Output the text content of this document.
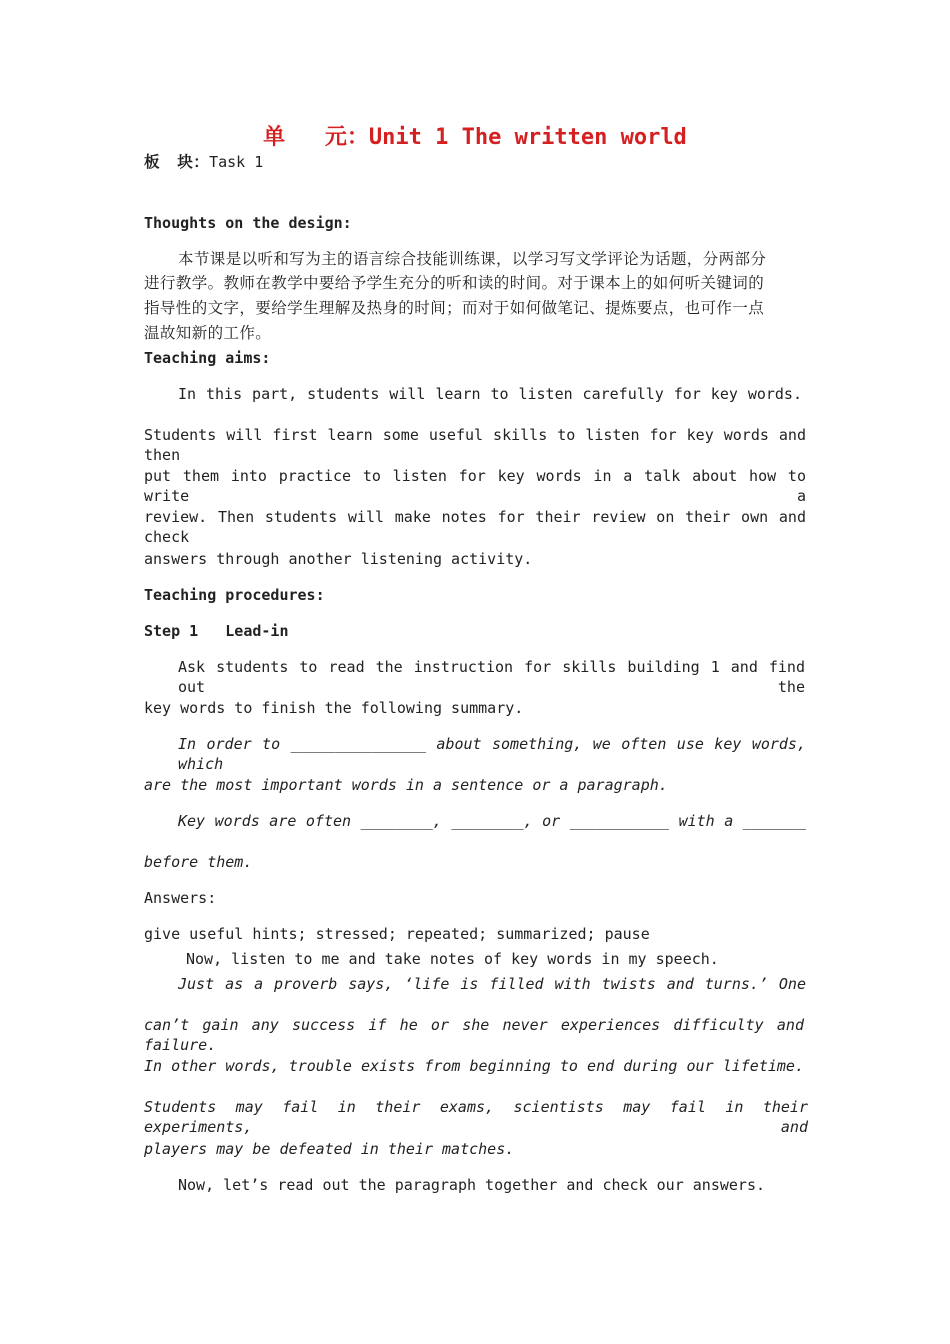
单   元：Unit 1 The written world
板   块：Task 1
Thoughts on the design:
本节课是以听和写为主的语言综合技能训练课，以学习写文学评论为话题，分两部分
进行教学。教师在教学中要给予学生充分的听和读的时间。对于课本上的如何听关键词的
指导性的文字，要给学生理解及热身的时间；而对于如何做笔记、提炼要点，也可作一点
温故知新的工作。
Teaching aims:
In this part, students will learn to listen carefully for key words.
Students will first learn some useful skills to listen for key words and then
put them into practice to listen for key words in a talk about how to write a
review. Then students will make notes for their review on their own and check
answers through another listening activity.
Teaching procedures:
Step 1   Lead-in
Ask students to read the instruction for skills building 1 and find out the
key words to finish the following summary.
In order to _______________ about something, we often use key words, which
are the most important words in a sentence or a paragraph.
Key words are often ________, ________, or ___________ with a _______
before them.
Answers:
give useful hints; stressed; repeated; summarized; pause
Now, listen to me and take notes of key words in my speech.
Just as a proverb says, ‘life is filled with twists and turns.’ One
can’t gain any success if he or she never experiences difficulty and failure.
In other words, trouble exists from beginning to end during our lifetime.
Students may fail in their exams, scientists may fail in their experiments, and
players may be defeated in their matches.
Now, let’s read out the paragraph together and check our answers.
